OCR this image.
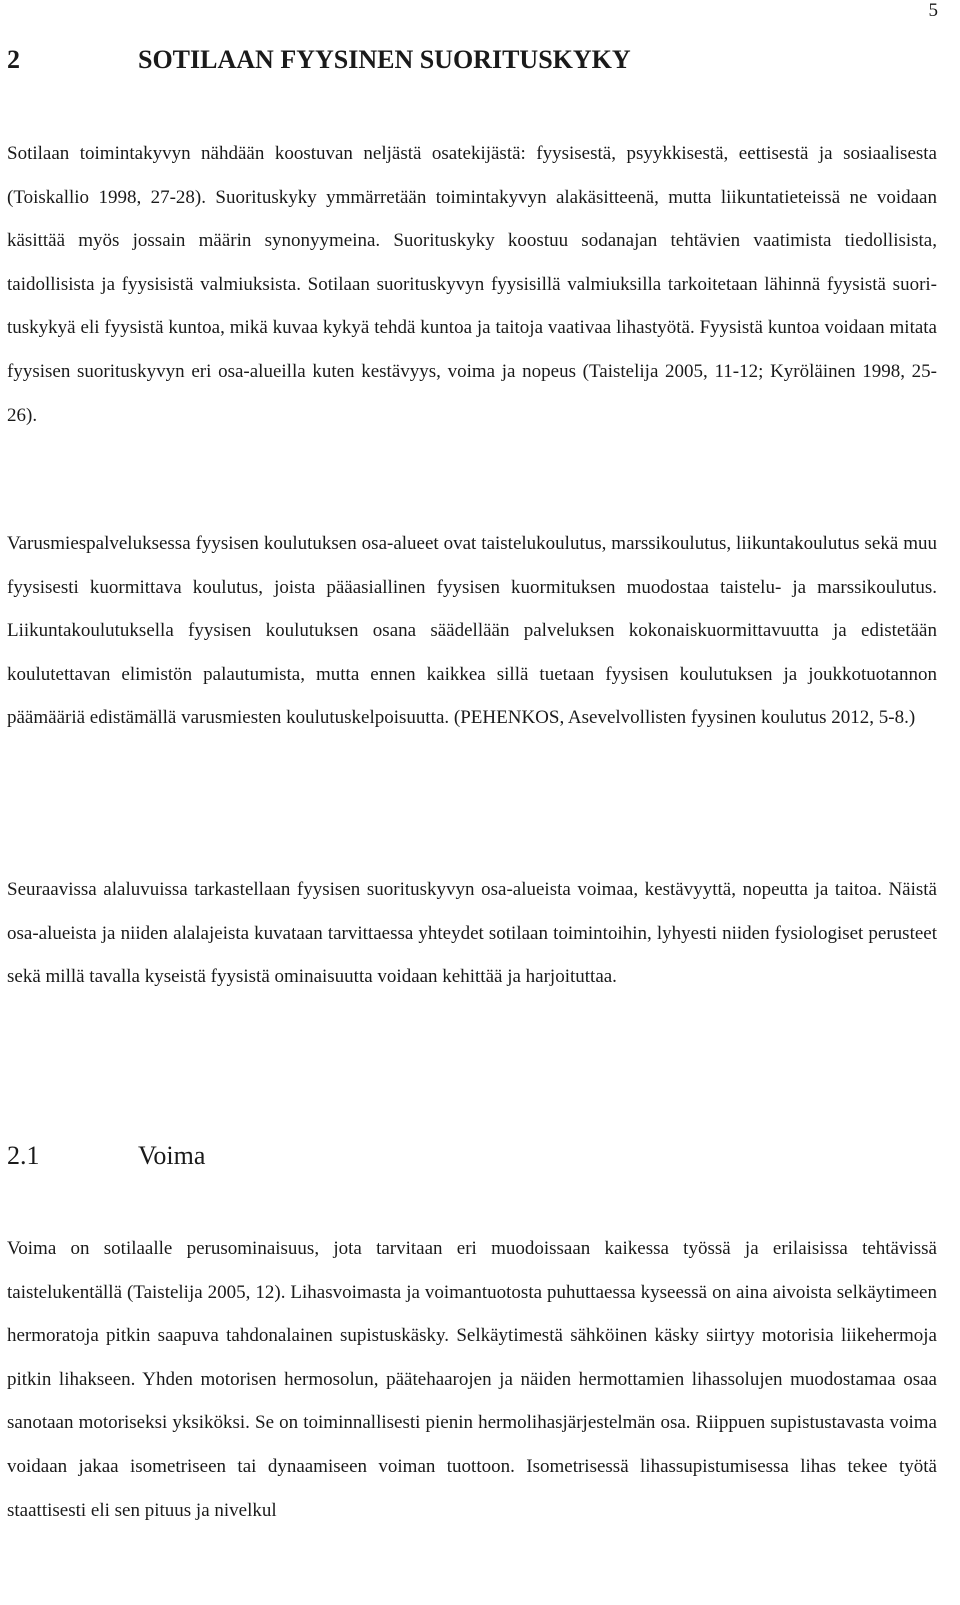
5
2	SOTILAAN FYYSINEN SUORITUSKYKY

Sotilaan toimintakyvyn nähdään koostuvan neljästä osatekijästä: fyysisestä, psyykkisestä, eettisestä ja sosiaalisesta (Toiskallio 1998, 27-28). Suorituskyky ymmärretään toimintakyvyn alakäsitteenä, mutta liikuntatieteissä ne voidaan käsittää myös jossain määrin synonyymeina. Suorituskyky koostuu sodanajan tehtävien vaatimista tiedollisista, taidollisista ja fyysisistä valmiuksista. Sotilaan suorituskyvyn fyysisillä valmiuksilla tarkoitetaan lähinnä fyysistä suorituskykyä eli fyysistä kuntoa, mikä kuvaa kykyä tehdä kuntoa ja taitoja vaativaa lihastyötä. Fyysistä kuntoa voidaan mitata fyysisen suorituskyvyn eri osa-alueilla kuten kestävyys, voima ja nopeus (Taistelija 2005, 11-12; Kyröläinen 1998, 25-26).

Varusmiespalveluksessa fyysisen koulutuksen osa-alueet ovat taistelukoulutus, marssikoulutus, liikuntakoulutus sekä muu fyysisesti kuormittava koulutus, joista pääasiallinen fyysisen kuormituksen muodostaa taistelu- ja marssikoulutus. Liikuntakoulutuksella fyysisen koulutuksen osana säädellään palveluksen kokonaiskuormittavuutta ja edistetään koulutettavan elimistön palautumista, mutta ennen kaikkea sillä tuetaan fyysisen koulutuksen ja joukkotuotannon päämääriä edistämällä varusmiesten koulutuskelpoisuutta. (PEHENKOS, Asevelvollisten fyysinen koulutus 2012, 5-8.)

Seuraavissa alaluvuissa tarkastellaan fyysisen suorituskyvyn osa-alueista voimaa, kestävyyttä, nopeutta ja taitoa. Näistä osa-alueista ja niiden alalajeista kuvataan tarvittaessa yhteydet sotilaan toimintoihin, lyhyesti niiden fysiologiset perusteet sekä millä tavalla kyseistä fyysistä ominaisuutta voidaan kehittää ja harjoituttaa.

2.1	Voima

Voima on sotilaalle perusominaisuus, jota tarvitaan eri muodoissaan kaikessa työssä ja erilaisissa tehtävissä taistelukentällä (Taistelija 2005, 12). Lihasvoimasta ja voimantuotosta puhuttaessa kyseessä on aina aivoista selkäytimeen hermoratoja pitkin saapuva tahdonalainen supistuskäsky. Selkäytimestä sähköinen käsky siirtyy motorisia liikehermoja pitkin lihakseen. Yhden motorisen hermosolun, päätehaarojen ja näiden hermottamien lihassolujen muodostamaa osaa sanotaan motoriseksi yksiköksi. Se on toiminnallisesti pienin hermolihasjärjestelmän osa. Riippuen supistustavasta voima voidaan jakaa isometriseen tai dynaamiseen voiman tuottoon. Isometrisessä lihassupistumisessa lihas tekee työtä staattisesti eli sen pituus ja nivelkul
